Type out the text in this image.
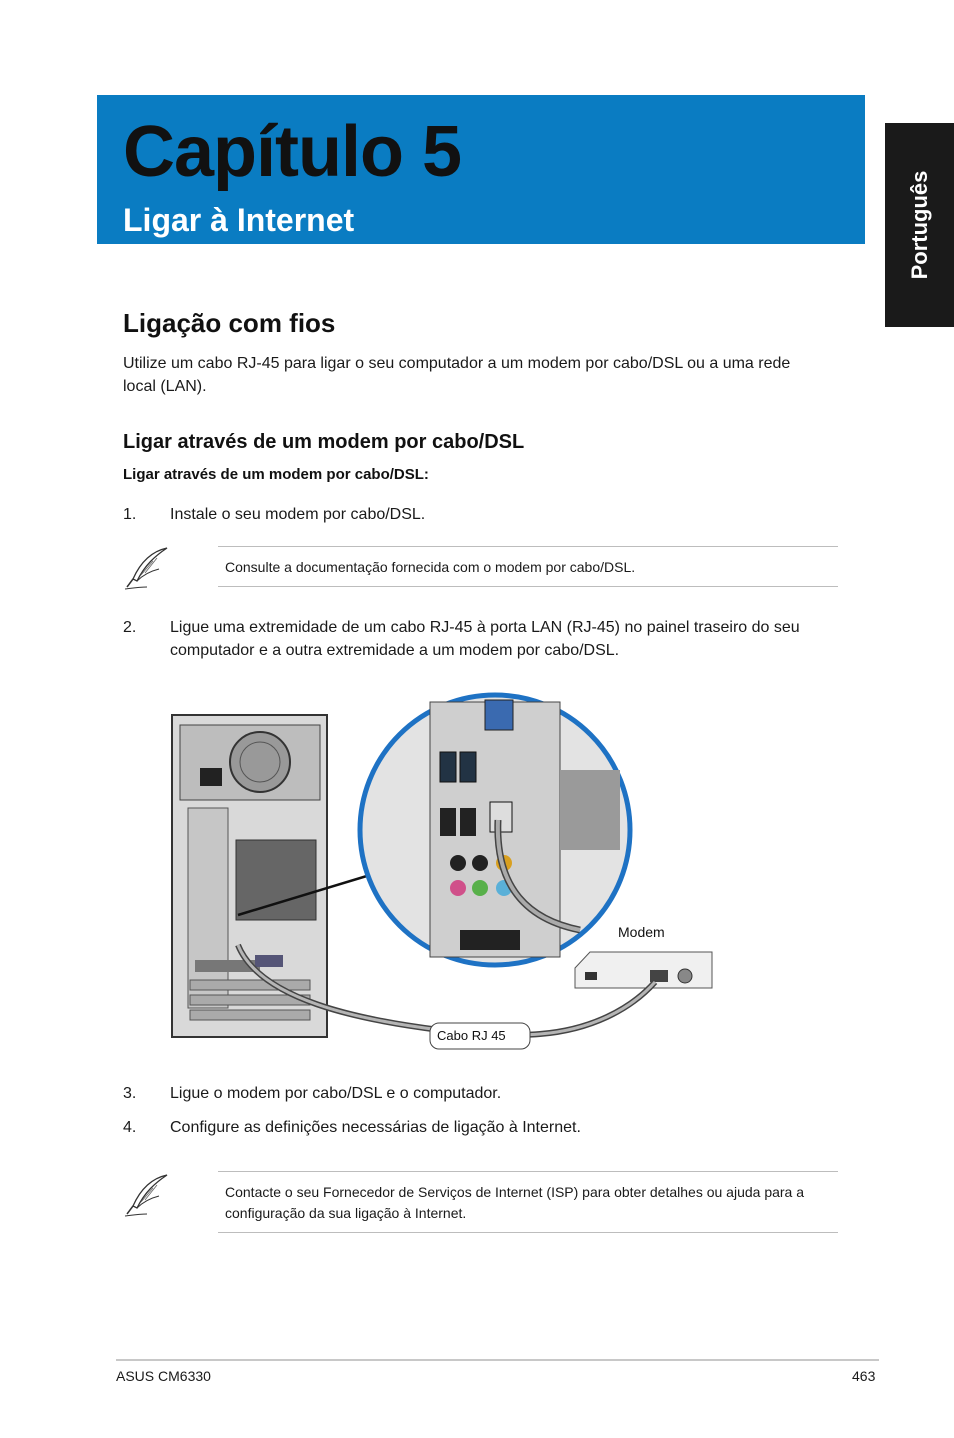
Capítulo 5
Ligar à Internet	Português
Ligação com fios

Utilize um cabo RJ-45 para ligar o seu computador a um modem por cabo/DSL ou a uma rede local (LAN).

Ligar através de um modem por cabo/DSL
Ligar através de um modem por cabo/DSL:
1. Instale o seu modem por cabo/DSL.
Consulte a documentação fornecida com o modem por cabo/DSL.
2. Ligue uma extremidade de um cabo RJ-45 à porta LAN (RJ-45) no painel traseiro do seu computador e a outra extremidade a um modem por cabo/DSL.
Modem
Cabo RJ 45
3. Ligue o modem por cabo/DSL e o computador.
4. Configure as definições necessárias de ligação à Internet.
Contacte o seu Fornecedor de Serviços de Internet (ISP) para obter detalhes ou ajuda para a configuração da sua ligação à Internet.
ASUS CM6330	463
